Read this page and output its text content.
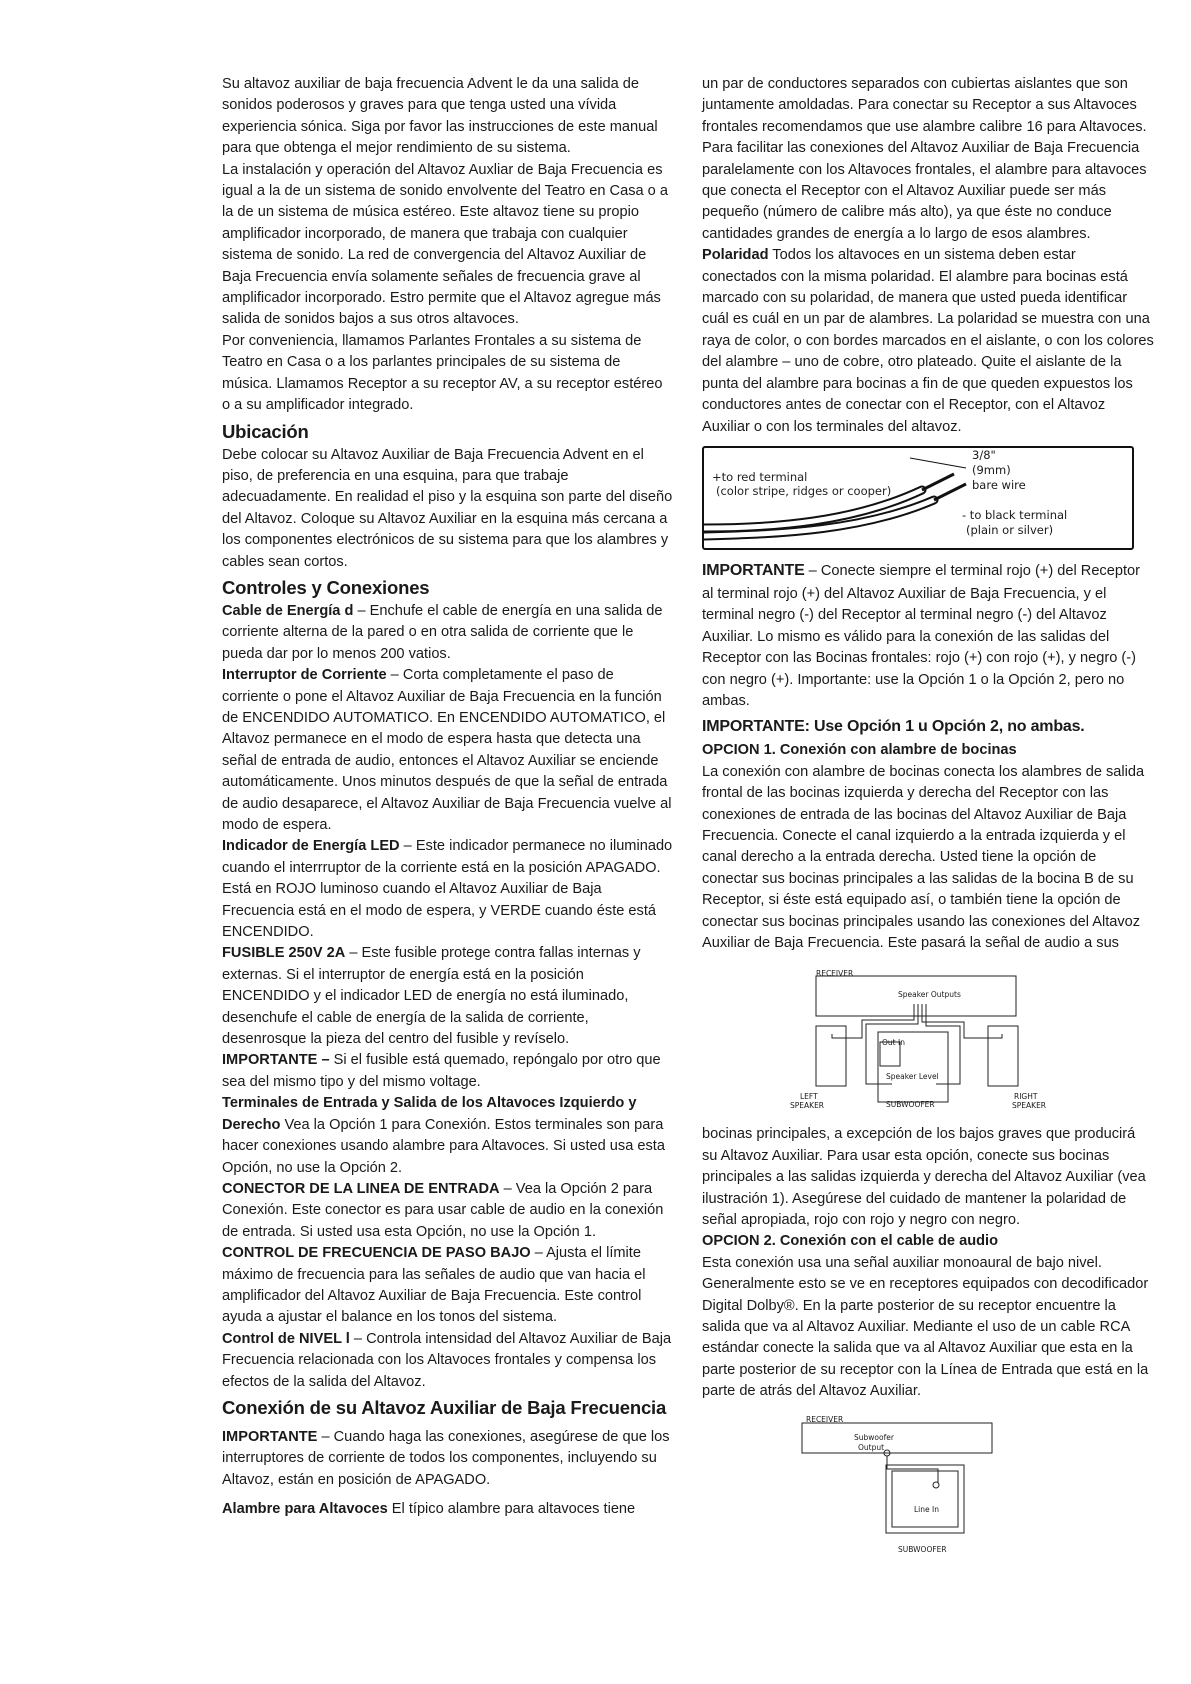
Su altavoz auxiliar de baja frecuencia Advent le da una salida de sonidos poderosos y graves para que tenga usted una vívida experiencia sónica. Siga por favor las instrucciones de este manual para que obtenga el mejor rendimiento de su sistema.

La instalación y operación del Altavoz Auxliar de Baja Frecuencia es igual a la de un sistema de sonido envolvente del Teatro en Casa o a la de un sistema de música estéreo. Este altavoz tiene su propio amplificador incorporado, de manera que trabaja con cualquier sistema de sonido. La red de convergencia del Altavoz Auxiliar de Baja Frecuencia envía solamente señales de frecuencia grave al amplificador incorporado. Estro permite que el Altavoz agregue más salida de sonidos bajos a sus otros altavoces.

Por conveniencia, llamamos Parlantes Frontales a su sistema de Teatro en Casa o a los parlantes principales de su sistema de música. Llamamos Receptor a su receptor AV, a su receptor estéreo o a su amplificador integrado.

Ubicación

Debe colocar su Altavoz Auxiliar de Baja Frecuencia Advent en el piso, de preferencia en una esquina, para que trabaje adecuadamente. En realidad el piso y la esquina son parte del diseño del Altavoz. Coloque su Altavoz Auxiliar en la esquina más cercana a los componentes electrónicos de su sistema para que los alambres y cables sean cortos.

Controles y Conexiones

Cable de Energía d – Enchufe el cable de energía en una salida de corriente alterna de la pared o en otra salida de corriente que le pueda dar por lo menos 200 vatios.

Interruptor de Corriente – Corta completamente el paso de corriente o pone el Altavoz Auxiliar de Baja Frecuencia en la función de ENCENDIDO AUTOMATICO. En ENCENDIDO AUTOMATICO, el Altavoz permanece en el modo de espera hasta que detecta una señal de entrada de audio, entonces el Altavoz Auxiliar se enciende automáticamente. Unos minutos después de que la señal de entrada de audio desaparece, el Altavoz Auxiliar de Baja Frecuencia vuelve al modo de espera.

Indicador de Energía LED – Este indicador permanece no iluminado cuando el interrruptor de la corriente está en la posición APAGADO. Está en ROJO luminoso cuando el Altavoz Auxiliar de Baja Frecuencia está en el modo de espera, y VERDE cuando éste está ENCENDIDO.

FUSIBLE 250V 2A – Este fusible protege contra fallas internas y externas. Si el interruptor de energía está en la posición ENCENDIDO y el indicador LED de energía no está iluminado, desenchufe el cable de energía de la salida de corriente, desenrosque la pieza del centro del fusible y revíselo.

IMPORTANTE – Si el fusible está quemado, repóngalo por otro que sea del mismo tipo y del mismo voltage.

Terminales de Entrada y Salida de los Altavoces Izquierdo y Derecho Vea la Opción 1 para Conexión. Estos terminales son para hacer conexiones usando alambre para Altavoces. Si usted usa esta Opción, no use la Opción 2.

CONECTOR DE LA LINEA DE ENTRADA – Vea la Opción 2 para Conexión. Este conector es para usar cable de audio en la conexión de entrada. Si usted usa esta Opción, no use la Opción 1.

CONTROL DE FRECUENCIA DE PASO BAJO – Ajusta el límite máximo de frecuencia para las señales de audio que van hacia el amplificador del Altavoz Auxiliar de Baja Frecuencia. Este control ayuda a ajustar el balance en los tonos del sistema.

Control de NIVEL l – Controla intensidad del Altavoz Auxiliar de Baja Frecuencia relacionada con los Altavoces frontales y compensa los efectos de la salida del Altavoz.

Conexión de su Altavoz Auxiliar de Baja Frecuencia

IMPORTANTE – Cuando haga las conexiones, asegúrese de que los interruptores de corriente de todos los componentes, incluyendo su Altavoz, están en posición de APAGADO.

Alambre para Altavoces El típico alambre para altavoces tiene

un par de conductores separados con cubiertas aislantes que son juntamente amoldadas. Para conectar su Receptor a sus Altavoces frontales recomendamos que use alambre calibre 16 para Altavoces.

Para facilitar las conexiones del Altavoz Auxiliar de Baja Frecuencia paralelamente con los Altavoces frontales, el alambre para altavoces que conecta el Receptor con el Altavoz Auxiliar puede ser más pequeño (número de calibre más alto), ya que éste no conduce cantidades grandes de energía a lo largo de esos alambres.

Polaridad Todos los altavoces en un sistema deben estar conectados con la misma polaridad. El alambre para bocinas está marcado con su polaridad, de manera que usted pueda identificar cuál es cuál en un par de alambres. La polaridad se muestra con una raya de color, o con bordes marcados en el aislante, o con los colores del alambre – uno de cobre, otro plateado. Quite el aislante de la punta del alambre para bocinas a fin de que queden expuestos los conductores antes de conectar con el Receptor, con el Altavoz Auxiliar o con los terminales del altavoz.

+to red terminal
(color stripe, ridges or cooper)
3/8"
(9mm)
bare wire
- to black terminal
(plain or silver)

IMPORTANTE – Conecte siempre el terminal rojo (+) del Receptor al terminal rojo (+) del Altavoz Auxiliar de Baja Frecuencia, y el terminal negro (-) del Receptor al terminal negro (-) del Altavoz Auxiliar. Lo mismo es válido para la conexión de las salidas del Receptor con las Bocinas frontales: rojo (+) con rojo (+), y negro (-) con negro (+). Importante: use la Opción 1 o la Opción 2, pero no ambas.

IMPORTANTE: Use Opción 1 u Opción 2, no ambas.

OPCION 1. Conexión con alambre de bocinas

La conexión con alambre de bocinas conecta los alambres de salida frontal de las bocinas izquierda y derecha del Receptor con las conexiones de entrada de las bocinas del Altavoz Auxiliar de Baja Frecuencia. Conecte el canal izquierdo a la entrada izquierda y el canal derecho a la entrada derecha. Usted tiene la opción de conectar sus bocinas principales a las salidas de la bocina B de su Receptor, si éste está equipado así, o también tiene la opción de conectar sus bocinas principales usando las conexiones del Altavoz Auxiliar de Baja Frecuencia. Este pasará la señal de audio a sus

RECEIVER
Speaker Outputs
Out In
Speaker Level
LEFT
SPEAKER
RIGHT
SPEAKER
SUBWOOFER

bocinas principales, a excepción de los bajos graves que producirá su Altavoz Auxiliar. Para usar esta opción, conecte sus bocinas principales a las salidas izquierda y derecha del Altavoz Auxiliar (vea ilustración 1). Asegúrese del cuidado de mantener la polaridad de señal apropiada, rojo con rojo y negro con negro.

OPCION 2. Conexión con el cable de audio

Esta conexión usa una señal auxiliar monoaural de bajo nivel. Generalmente esto se ve en receptores equipados con decodificador Digital Dolby®. En la parte posterior de su receptor encuentre la salida que va al Altavoz Auxiliar. Mediante el uso de un cable RCA estándar conecte la salida que va al Altavoz Auxiliar que esta en la parte posterior de su receptor con la Línea de Entrada que está en la parte de atrás del Altavoz Auxiliar.

RECEIVER
Subwoofer
Output
Line In
SUBWOOFER
